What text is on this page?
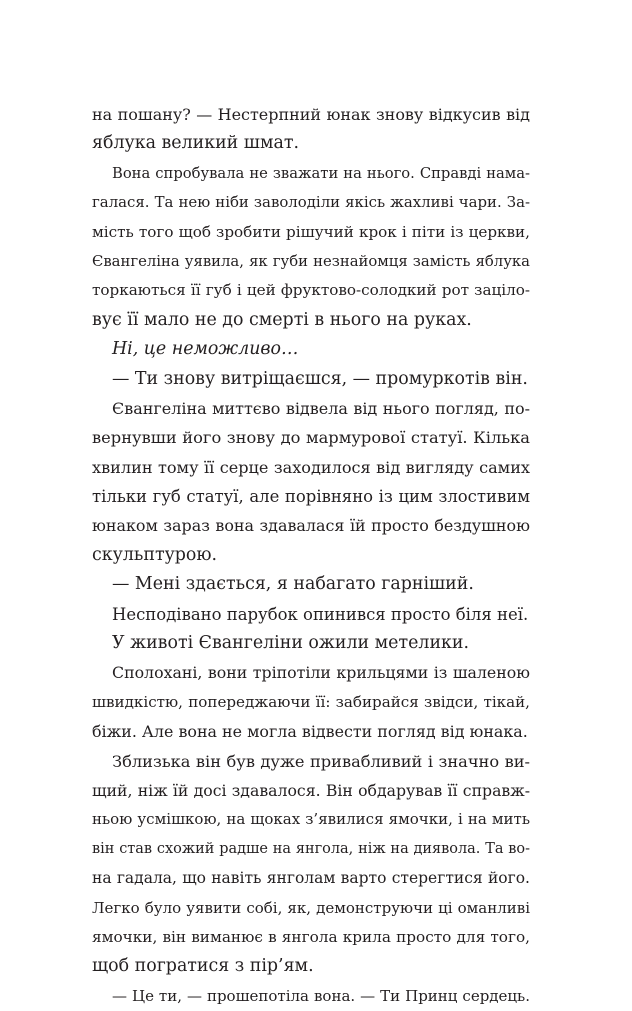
на пошану? — Нестерпний юнак знову відкусив від
яблука великий шмат.
Вона спробувала не зважати на нього. Справді нама-
галася. Та нею ніби заволоділи якісь жахливі чари. За-
мість того щоб зробити рішучий крок і піти із церкви,
Євангеліна уявила, як губи незнайомця замість яблука
торкаються її губ і цей фруктово-солодкий рот заціло-
вує її мало не до смерті в нього на руках.
Ні, це неможливо…
— Ти знову витріщаєшся, — промуркотів він.
Євангеліна миттєво відвела від нього погляд, по-
вернувши його знову до мармурової статуї. Кілька
хвилин тому її серце заходилося від вигляду самих
тільки губ статуї, але порівняно із цим злостивим
юнаком зараз вона здавалася їй просто бездушною
скульптурою.
— Мені здається, я набагато гарніший.
Несподівано парубок опинився просто біля неї.
У животі Євангеліни ожили метелики.
Сполохані, вони тріпотіли крильцями із шаленою
швидкістю, попереджаючи її: забирайся звідси, тікай,
біжи. Але вона не могла відвести погляд від юнака.
Зблизька він був дуже привабливий і значно ви-
щий, ніж їй досі здавалося. Він обдарував її справж-
ньою усмішкою, на щоках з’явилися ямочки, і на мить
він став схожий радше на янгола, ніж на диявола. Та во-
на гадала, що навіть янголам варто стерегтися його.
Легко було уявити собі, як, демонструючи ці оманливі
ямочки, він виманює в янгола крила просто для того,
щоб погратися з пір’ям.
— Це ти, — прошепотіла вона. — Ти Принц сердець.
